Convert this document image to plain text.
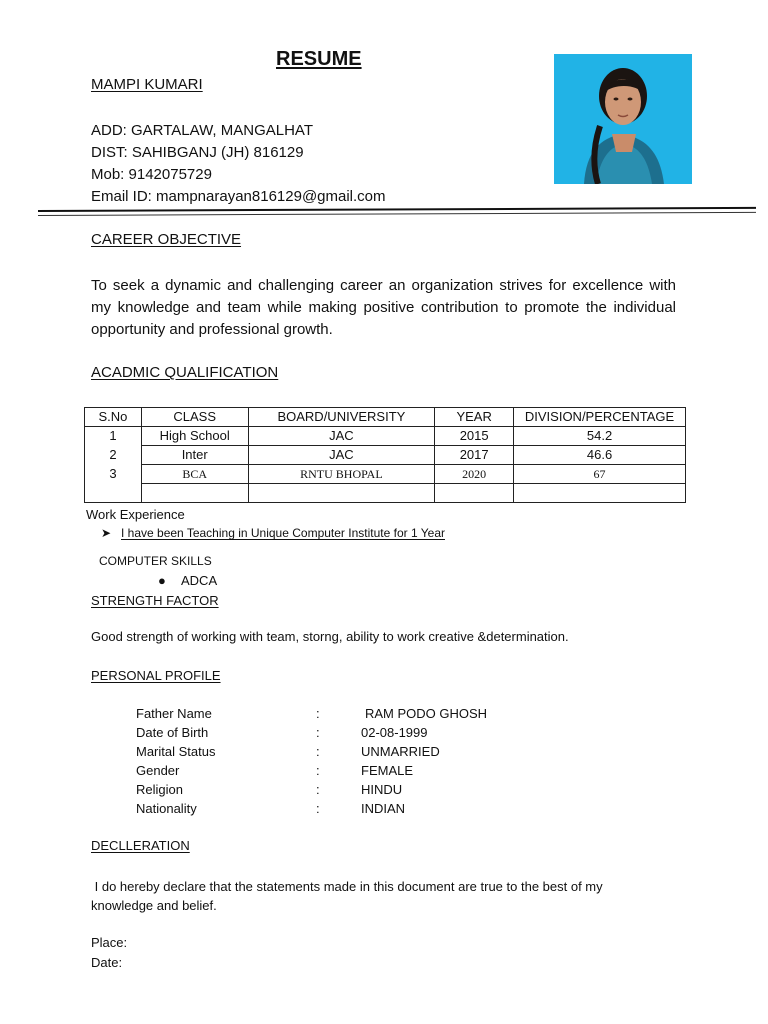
RESUME
MAMPI KUMARI
ADD: GARTALAW, MANGALHAT
DIST: SAHIBGANJ (JH) 816129
Mob: 9142075729
Email ID: mampnarayan816129@gmail.com
CAREER OBJECTIVE
To seek a dynamic and challenging career an organization strives for excellence with my knowledge and team while making positive contribution to promote the individual opportunity and professional growth.
ACADMIC QUALIFICATION
S.No	CLASS	BOARD/UNIVERSITY	YEAR	DIVISION/PERCENTAGE
1	High School	JAC	2015	54.2
2	Inter	JAC	2017	46.6
3	BCA	RNTU BHOPAL	2020	67

Work Experience
➤ I have been Teaching in Unique Computer Institute for 1 Year
COMPUTER SKILLS
● ADCA
STRENGTH FACTOR
Good strength of working with team, storng, ability to work creative &determination.
PERSONAL PROFILE
Father Name	:	RAM PODO GHOSH
Date of Birth	:	02-08-1999
Marital Status	:	UNMARRIED
Gender	:	FEMALE
Religion	:	HINDU
Nationality	:	INDIAN
DECLLERATION
I do hereby declare that the statements made in this document are true to the best of my knowledge and belief.
Place:
Date:
